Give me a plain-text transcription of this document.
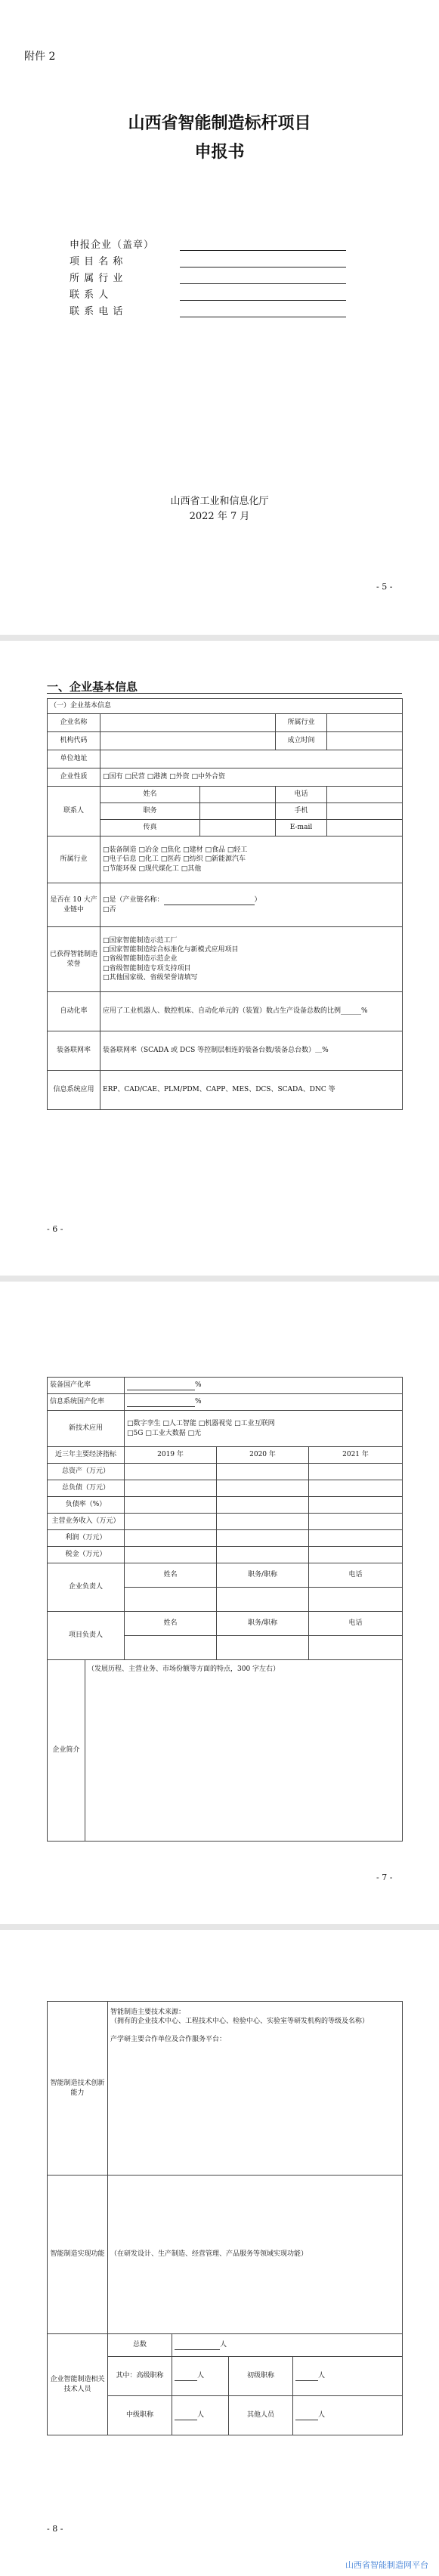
附件 2
山西省智能制造标杆项目
申报书
申报企业（盖章）
项 目 名 称
所 属 行 业
联 系 人
联 系 电 话
山西省工业和信息化厅
2022 年 7 月
- 5 -
一、企业基本信息
（一）企业基本信息				
企业名称			所属行业	
机构代码			成立时间	
单位地址				
企业性质	□国有 □民营 □港澳 □外资 □中外合资			
联系人	姓名		电话	
	职务		手机	
	传真		E-mail	
所属行业	□装备制造 □冶金 □焦化 □建材 □食品 □轻工
□电子信息 □化工 □医药 □纺织 □新能源汽车
□节能环保 □现代煤化工 □其他			

是否在 10 大产业链中	□是（产业链名称： ）
□否			

已获得智能制造荣誉	□国家智能制造示范工厂
□国家智能制造综合标准化与新模式应用项目
□省级智能制造示范企业
□省级智能制造专项支持项目
□其他国家级、省级荣誉请填写			

自动化率	应用了工业机器人、数控机床、自动化单元的（装置）数占生产设备总数的比例______%			
装备联网率	装备联网率（SCADA 或 DCS 等控制层相连的装备台数/装备总台数）＿%			
信息系统应用	ERP、CAD/CAE、PLM/PDM、CAPP、MES、DCS、SCADA、DNC 等			
- 6 -
装备国产化率		%		
信息系统国产化率		%		
新技术应用		□数字孪生 □人工智能 □机器视觉 □工业互联网
□5G □工业大数据 □无		

近三年主要经济指标		2019 年	2020 年	2021 年
总资产（万元）				
总负债（万元）				
负债率（%）				
主营业务收入（万元）				
利润（万元）				
税金（万元）				
企业负责人		姓名	职务/职称	电话

项目负责人		姓名	职务/职称	电话

企业简介	（发展历程、主营业务、市场份额等方面的特点，300 字左右）			
- 7 -
智能制造技术创新能力	智能制造主要技术来源：
（拥有的企业技术中心、工程技术中心、检验中心、实验室等研发机构的等级及名称）
产学研主要合作单位及合作服务平台：			

智能制造实现功能	（在研发设计、生产制造、经营管理、产品服务等领域实现功能）			
企业智能制造相关技术人员	总数	人		
	其中：高级职称	人	初级职称	人
	中级职称	人	其他人员	人
- 8 -
山西省智能制造网平台
